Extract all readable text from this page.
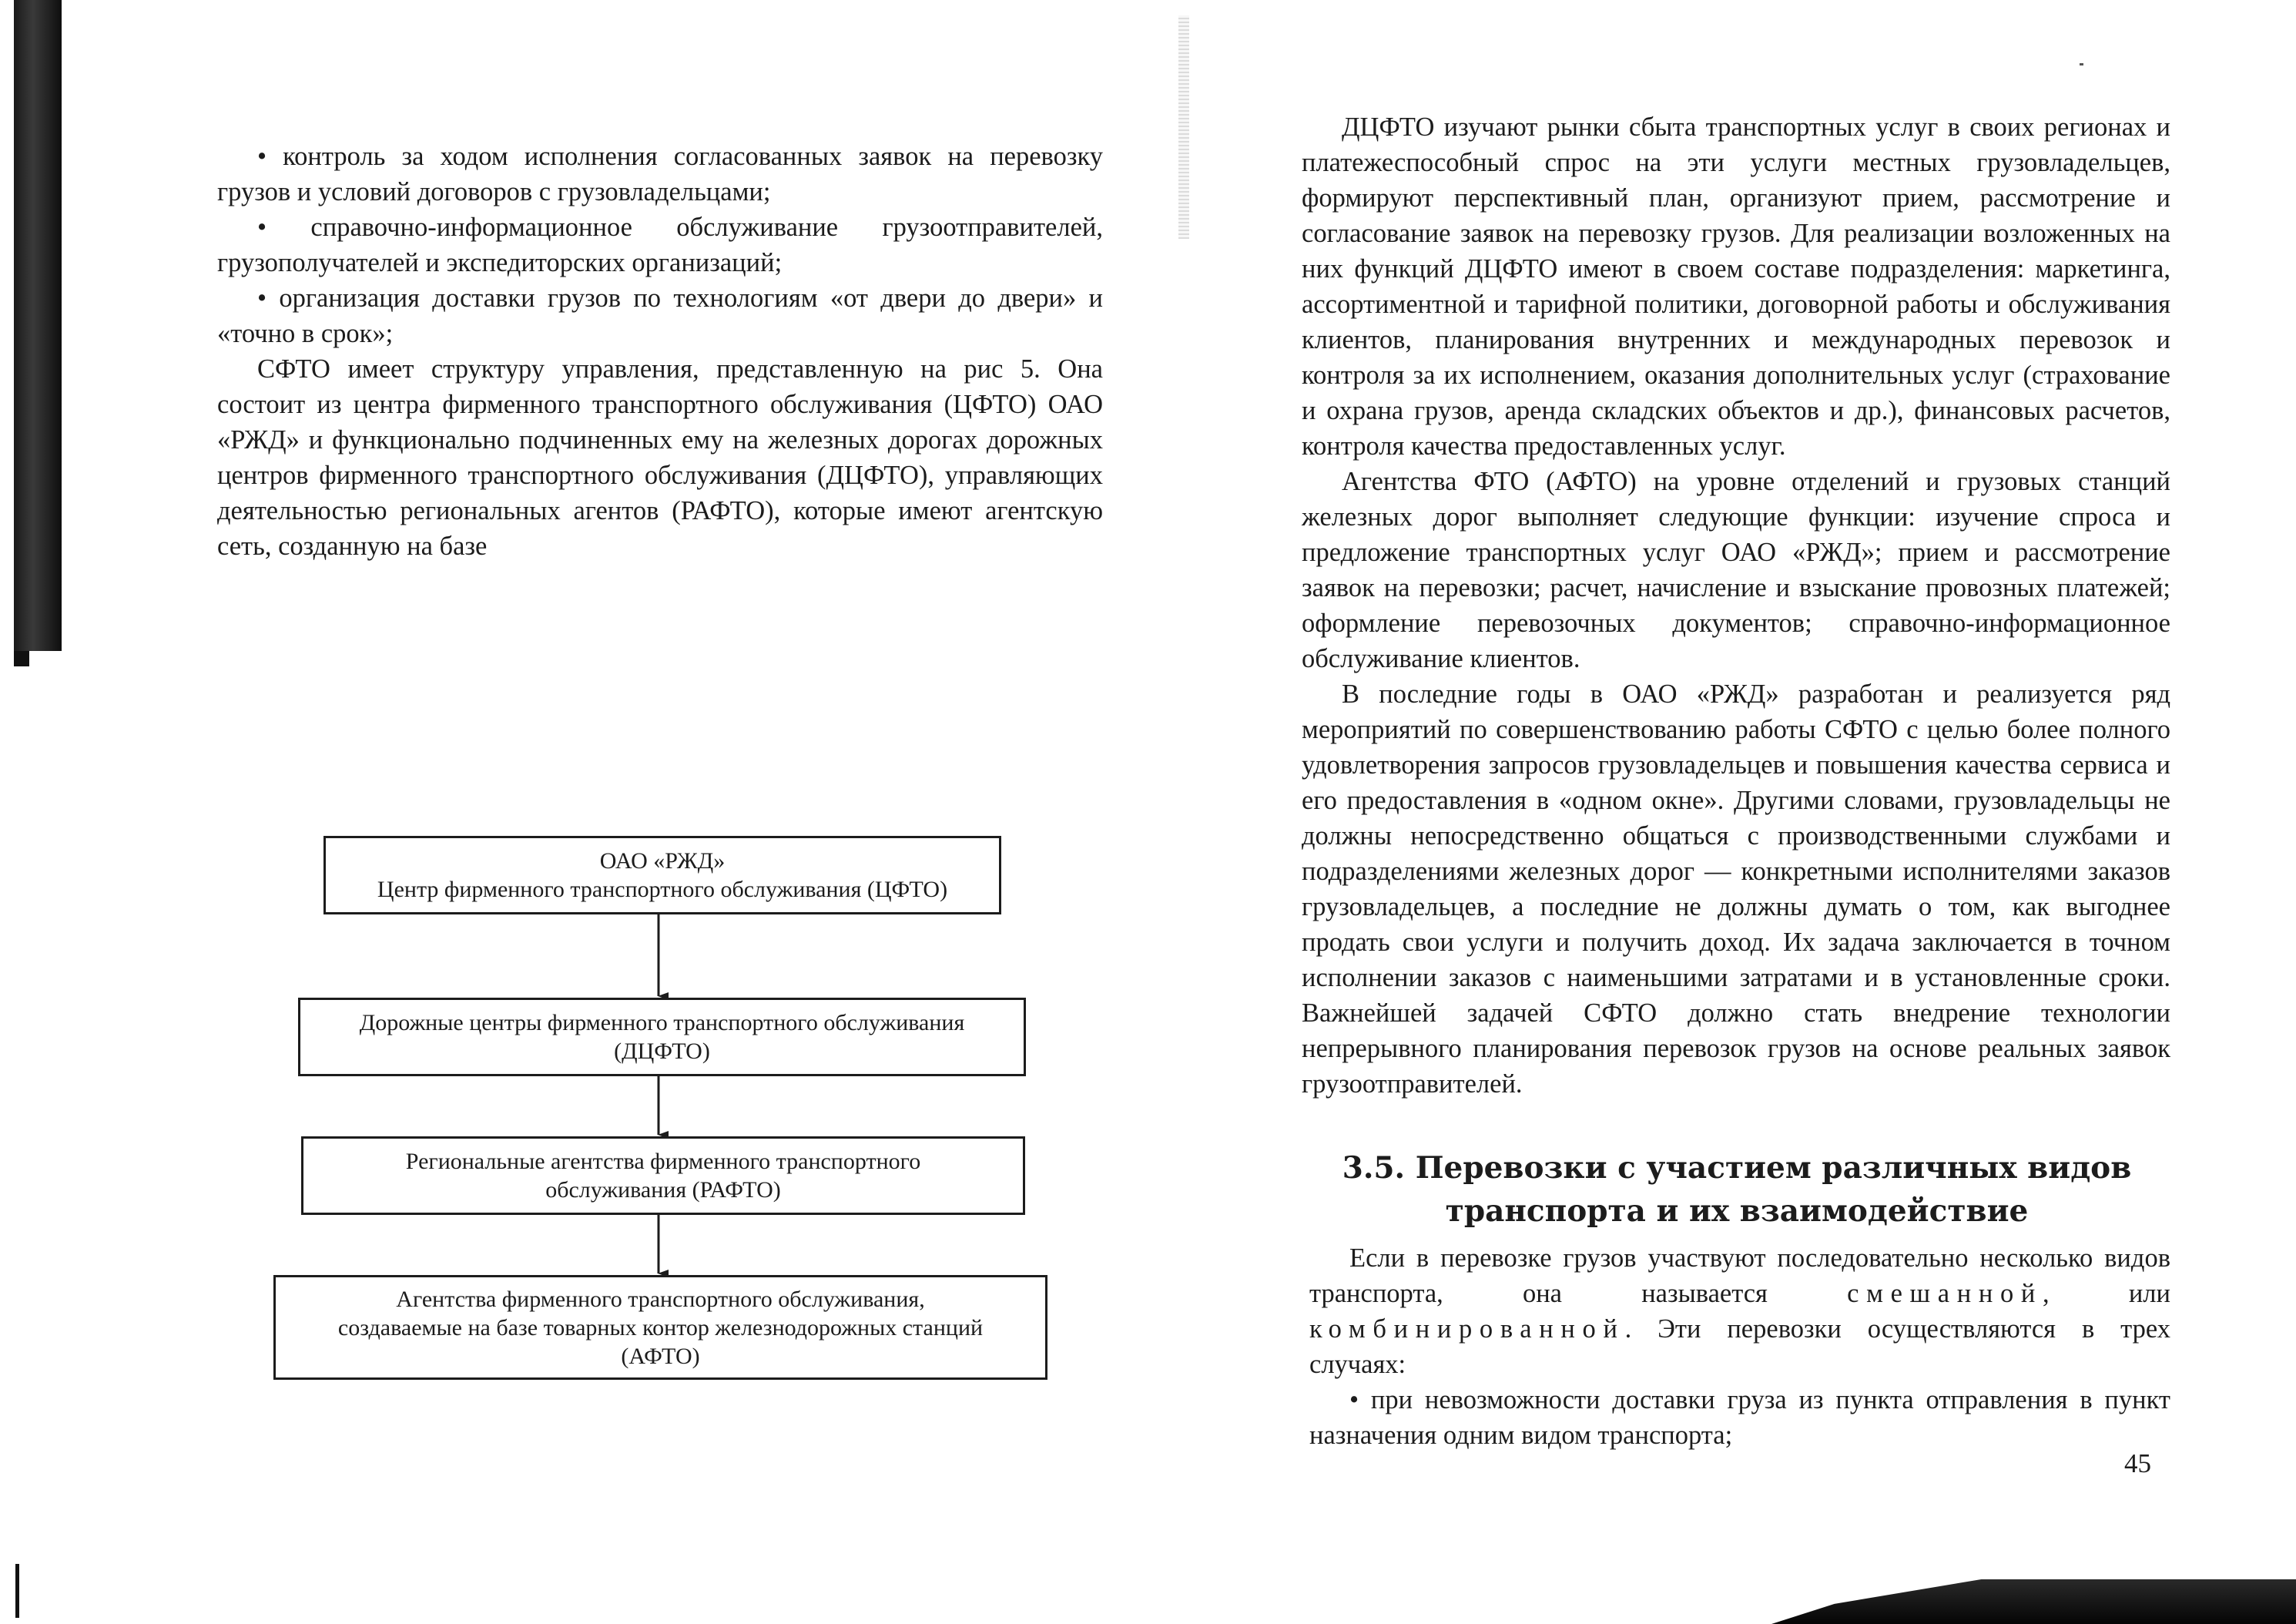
• контроль за ходом исполнения согласованных заявок на перевозку грузов и условий договоров с грузовладельцами;

• справочно-информационное обслуживание грузоотправителей, грузополучателей и экспедиторских организаций;

• организация доставки грузов по технологиям «от двери до двери» и «точно в срок»;

СФТО имеет структуру управления, представленную на рис 5. Она состоит из центра фирменного транспортного обслуживания (ЦФТО) ОАО «РЖД» и функционально подчиненных ему на железных дорогах дорожных центров фирменного транспортного обслуживания (ДЦФТО), управляющих деятельностью региональных агентов (РАФТО), которые имеют агентскую сеть, созданную на базе

ОАО «РЖД»
Центр фирменного транспортного обслуживания (ЦФТО)
Дорожные центры фирменного транспортного обслуживания
(ДЦФТО)
Региональные агентства фирменного транспортного
обслуживания (РАФТО)
Агентства фирменного транспортного обслуживания,
создаваемые на базе товарных контор железнодорожных станций
(АФТО)

ДЦФТО изучают рынки сбыта транспортных услуг в своих регионах и платежеспособный спрос на эти услуги местных грузовладельцев, формируют перспективный план, организуют прием, рассмотрение и согласование заявок на перевозку грузов. Для реализации возложенных на них функций ДЦФТО имеют в своем составе подразделения: маркетинга, ассортиментной и тарифной политики, договорной работы и обслуживания клиентов, планирования внутренних и международных перевозок и контроля за их исполнением, оказания дополнительных услуг (страхование и охрана грузов, аренда складских объектов и др.), финансовых расчетов, контроля качества предоставленных услуг.

Агентства ФТО (АФТО) на уровне отделений и грузовых станций железных дорог выполняет следующие функции: изучение спроса и предложение транспортных услуг ОАО «РЖД»; прием и рассмотрение заявок на перевозки; расчет, начисление и взыскание провозных платежей; оформление перевозочных документов; справочно-информационное обслуживание клиентов.

В последние годы в ОАО «РЖД» разработан и реализуется ряд мероприятий по совершенствованию работы СФТО с целью более полного удовлетворения запросов грузовладельцев и повышения качества сервиса и его предоставления в «одном окне». Другими словами, грузовладельцы не должны непосредственно общаться с производственными службами и подразделениями железных дорог — конкретными исполнителями заказов грузовладельцев, а последние не должны думать о том, как выгоднее продать свои услуги и получить доход. Их задача заключается в точном исполнении заказов с наименьшими затратами и в установленные сроки. Важнейшей задачей СФТО должно стать внедрение технологии непрерывного планирования перевозок грузов на основе реальных заявок грузоотправителей.

3.5. Перевозки с участием различных видов
транспорта и их взаимодействие

Если в перевозке грузов участвуют последовательно несколько видов транспорта, она называется смешанной, или комбинированной. Эти перевозки осуществляются в трех случаях:

• при невозможности доставки груза из пункта отправления в пункт назначения одним видом транспорта;

45
